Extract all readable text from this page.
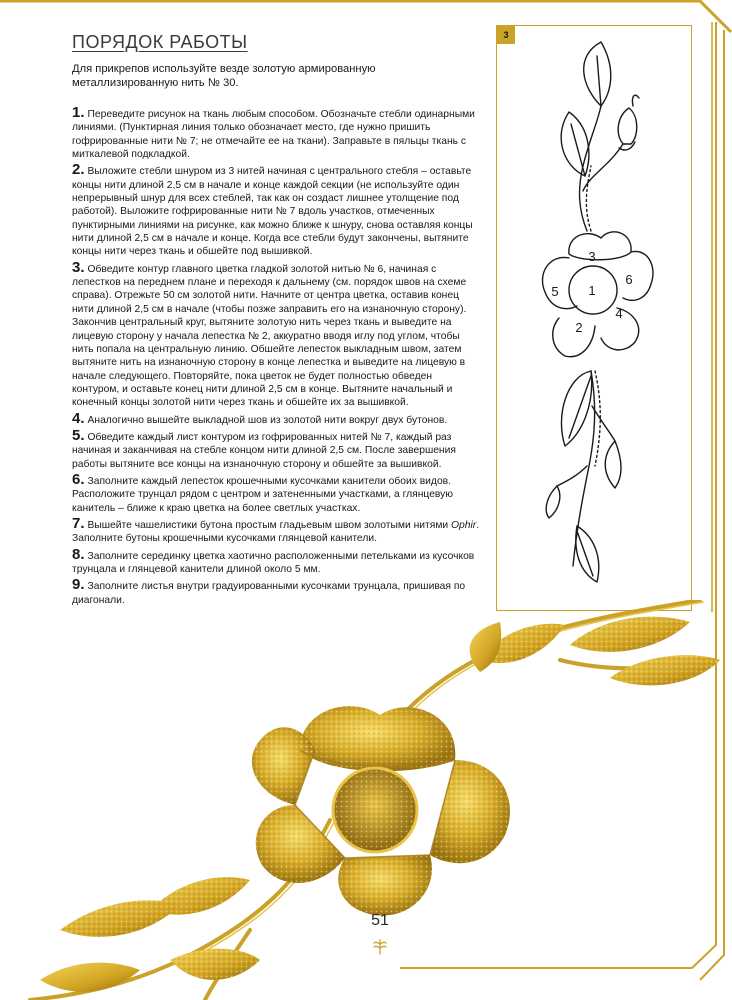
ПОРЯДОК РАБОТЫ

Для прикрепов используйте везде золотую армированную металлизированную нить № 30.

1. Переведите рисунок на ткань любым способом. Обозначьте стебли одинарными линиями. (Пунктирная линия только обозначает место, где нужно пришить гофрированные нити № 7; не отмечайте ее на ткани). Заправьте в пяльцы ткань с миткалевой подкладкой.
2. Выложите стебли шнуром из 3 нитей начиная с центрального стебля – оставьте концы нити длиной 2,5 см в начале и конце каждой секции (не используйте один непрерывный шнур для всех стеблей, так как он создаст лишнее утолщение под работой). Выложите гофрированные нити № 7 вдоль участков, отмеченных пунктирными линиями на рисунке, как можно ближе к шнуру, снова оставляя концы нити длиной 2,5 см в начале и конце. Когда все стебли будут закончены, вытяните концы нити через ткань и обшейте под вышивкой.
3. Обведите контур главного цветка гладкой золотой нитью № 6, начиная с лепестков на переднем плане и переходя к дальнему (см. порядок швов на схеме справа). Отрежьте 50 см золотой нити. Начните от центра цветка, оставив конец нити длиной 2,5 см в начале (чтобы позже заправить его на изнаночную сторону). Закончив центральный круг, вытяните золотую нить через ткань и выведите на лицевую сторону у начала лепестка № 2, аккуратно вводя иглу под углом, чтобы нить попала на центральную линию. Обшейте лепесток выкладным швом, затем вытяните нить на изнаночную сторону в конце лепестка и выведите на лицевую в начале следующего. Повторяйте, пока цветок не будет полностью обведен контуром, и оставьте конец нити длиной 2,5 см в конце. Вытяните начальный и конечный концы золотой нити через ткань и обшейте их за вышивкой.
4. Аналогично вышейте выкладной шов из золотой нити вокруг двух бутонов.
5. Обведите каждый лист контуром из гофрированных нитей № 7, каждый раз начиная и заканчивая на стебле концом нити длиной 2,5 см. После завершения работы вытяните все концы на изнаночную сторону и обшейте за вышивкой.
6. Заполните каждый лепесток крошечными кусочками канители обоих видов. Расположите трунцал рядом с центром и затененными участками, а глянцевую канитель – ближе к краю цветка на более светлых участках.
7. Вышейте чашелистики бутона простым гладьевым швом золотыми нитями Ophir. Заполните бутоны крошечными кусочками глянцевой канители.
8. Заполните серединку цветка хаотично расположенными петельками из кусочков трунцала и глянцевой канители длиной около 5 мм.
9. Заполните листья внутри градуированными кусочками трунцала, пришивая по диагонали.
3
1
2
3
4
5
6
51
